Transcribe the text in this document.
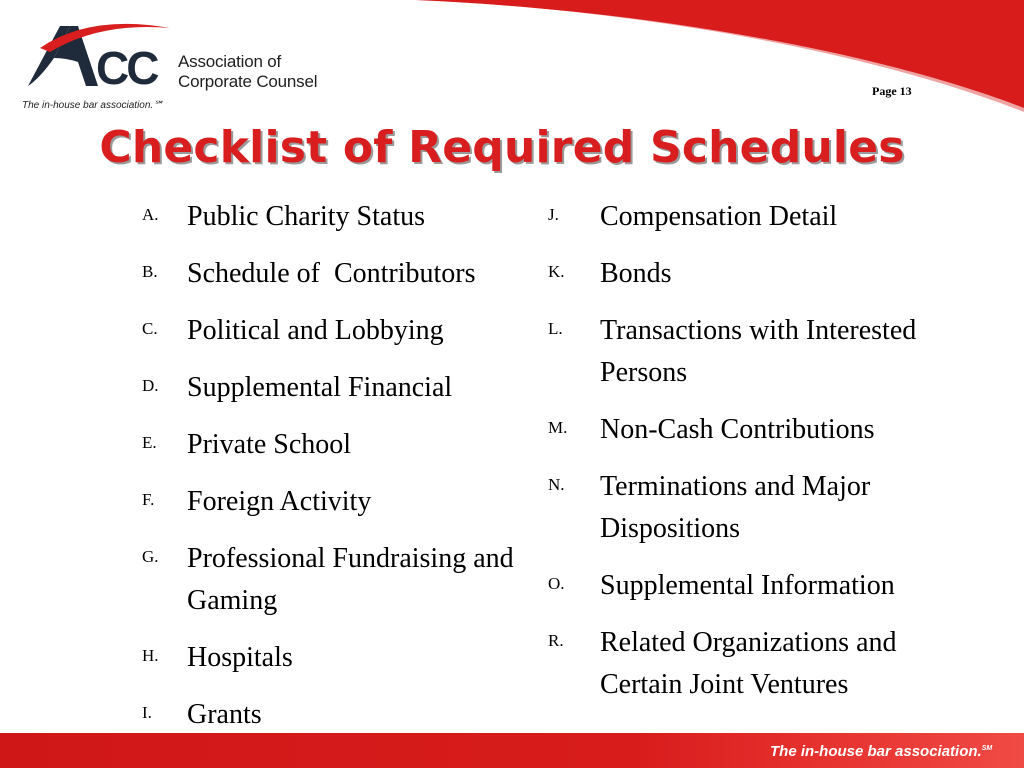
CC Association of
Corporate Counsel
The in-house bar association.℠
Page 13
Checklist of Required Schedules
A.	Public Charity Status
B.	Schedule of  Contributors
C.	Political and Lobbying
D.	Supplemental Financial
E.	Private School
F.	Foreign Activity
G.	Professional Fundraising and Gaming
H.	Hospitals
I.	Grants
J.	Compensation Detail
K.	Bonds
L.	Transactions with Interested    Persons
M.	Non-Cash Contributions
N.	Terminations and Major Dispositions
O.	Supplemental Information
R.	Related Organizations and Certain Joint Ventures
The in-house bar association.℠
